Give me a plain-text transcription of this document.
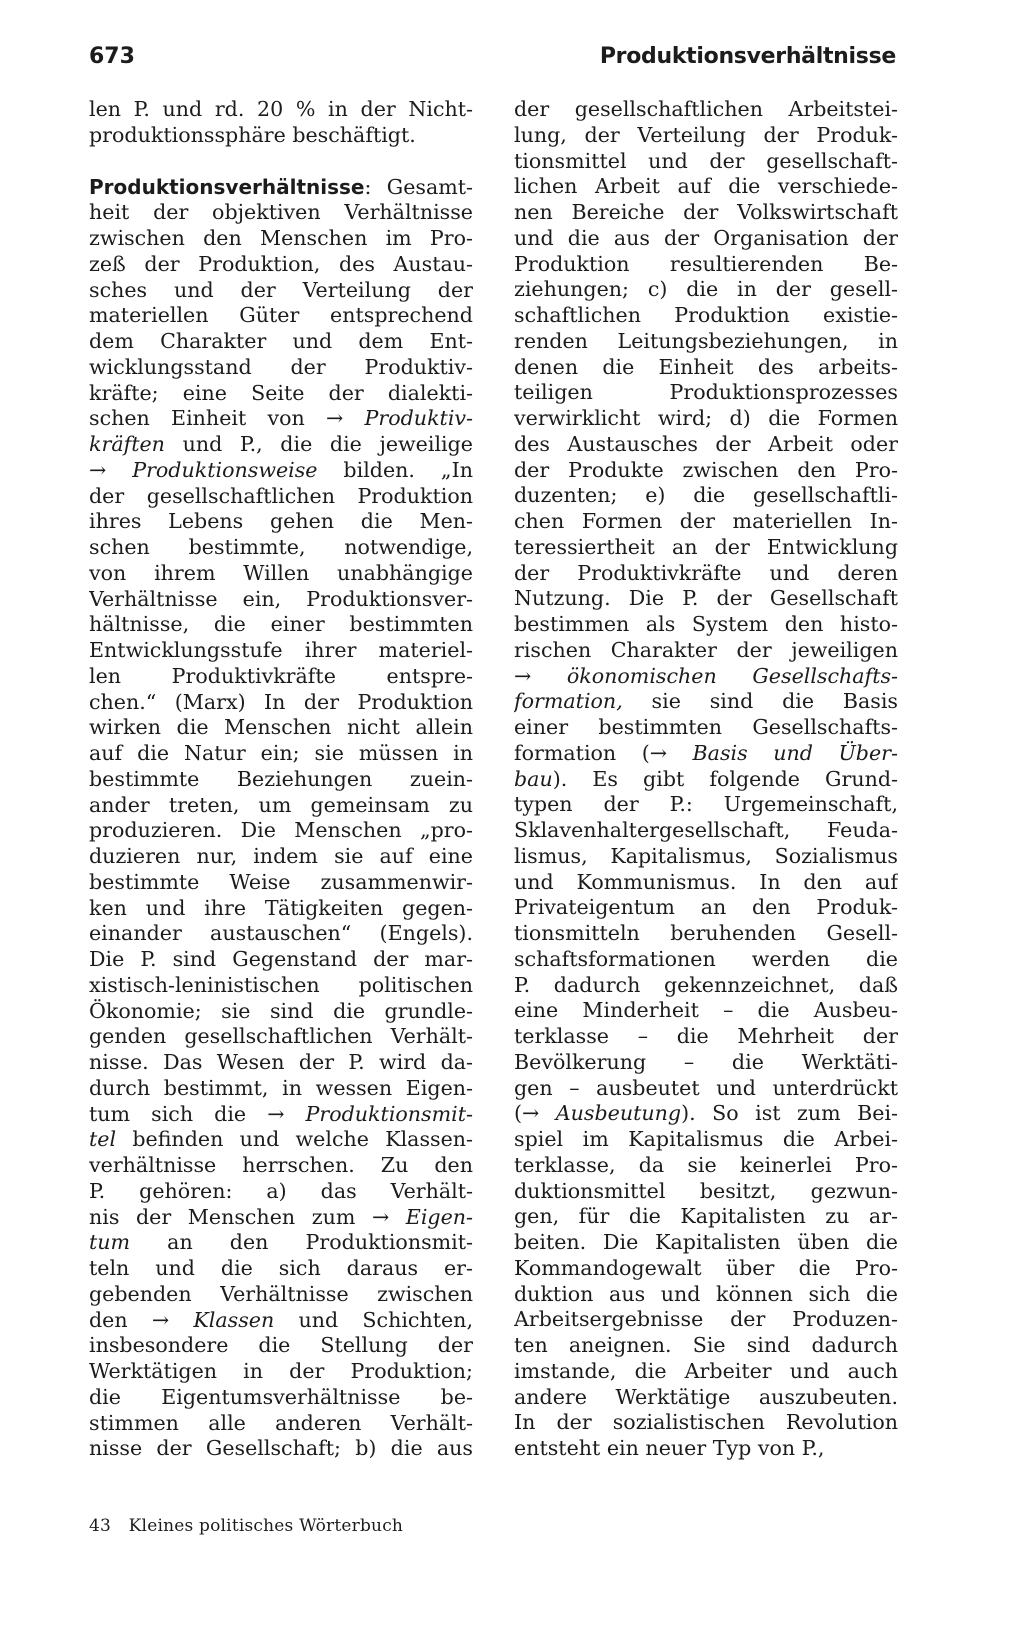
673	Produktionsverhältnisse
len P. und rd. 20 % in der Nicht-
produktionssphäre beschäftigt.
Produktionsverhältnisse: Gesamt-
heit der objektiven Verhältnisse
zwischen den Menschen im Pro-
zeß der Produktion, des Austau-
sches und der Verteilung der
materiellen Güter entsprechend
dem Charakter und dem Ent-
wicklungsstand der Produktiv-
kräfte; eine Seite der dialekti-
schen Einheit von → Produktiv-
kräften und P., die die jeweilige
→ Produktionsweise bilden. „In
der gesellschaftlichen Produktion
ihres Lebens gehen die Men-
schen bestimmte, notwendige,
von ihrem Willen unabhängige
Verhältnisse ein, Produktionsver-
hältnisse, die einer bestimmten
Entwicklungsstufe ihrer materiel-
len Produktivkräfte entspre-
chen.“ (Marx) In der Produktion
wirken die Menschen nicht allein
auf die Natur ein; sie müssen in
bestimmte Beziehungen zuein-
ander treten, um gemeinsam zu
produzieren. Die Menschen „pro-
duzieren nur, indem sie auf eine
bestimmte Weise zusammenwir-
ken und ihre Tätigkeiten gegen-
einander austauschen“ (Engels).
Die P. sind Gegenstand der mar-
xistisch-leninistischen politischen
Ökonomie; sie sind die grundle-
genden gesellschaftlichen Verhält-
nisse. Das Wesen der P. wird da-
durch bestimmt, in wessen Eigen-
tum sich die → Produktionsmit-
tel befinden und welche Klassen-
verhältnisse herrschen. Zu den
P. gehören: a) das Verhält-
nis der Menschen zum → Eigen-
tum an den Produktionsmit-
teln und die sich daraus er-
gebenden Verhältnisse zwischen
den → Klassen und Schichten,
insbesondere die Stellung der
Werktätigen in der Produktion;
die Eigentumsverhältnisse be-
stimmen alle anderen Verhält-
nisse der Gesellschaft; b) die aus
der gesellschaftlichen Arbeitstei-
lung, der Verteilung der Produk-
tionsmittel und der gesellschaft-
lichen Arbeit auf die verschiede-
nen Bereiche der Volkswirtschaft
und die aus der Organisation der
Produktion resultierenden Be-
ziehungen; c) die in der gesell-
schaftlichen Produktion existie-
renden Leitungsbeziehungen, in
denen die Einheit des arbeits-
teiligen Produktionsprozesses
verwirklicht wird; d) die Formen
des Austausches der Arbeit oder
der Produkte zwischen den Pro-
duzenten; e) die gesellschaftli-
chen Formen der materiellen In-
teressiertheit an der Entwicklung
der Produktivkräfte und deren
Nutzung. Die P. der Gesellschaft
bestimmen als System den histo-
rischen Charakter der jeweiligen
→ ökonomischen Gesellschafts-
formation, sie sind die Basis
einer bestimmten Gesellschafts-
formation (→ Basis und Über-
bau). Es gibt folgende Grund-
typen der P.: Urgemeinschaft,
Sklavenhaltergesellschaft, Feuda-
lismus, Kapitalismus, Sozialismus
und Kommunismus. In den auf
Privateigentum an den Produk-
tionsmitteln beruhenden Gesell-
schaftsformationen werden die
P. dadurch gekennzeichnet, daß
eine Minderheit – die Ausbeu-
terklasse – die Mehrheit der
Bevölkerung – die Werktäti-
gen – ausbeutet und unterdrückt
(→ Ausbeutung). So ist zum Bei-
spiel im Kapitalismus die Arbei-
terklasse, da sie keinerlei Pro-
duktionsmittel besitzt, gezwun-
gen, für die Kapitalisten zu ar-
beiten. Die Kapitalisten üben die
Kommandogewalt über die Pro-
duktion aus und können sich die
Arbeitsergebnisse der Produzen-
ten aneignen. Sie sind dadurch
imstande, die Arbeiter und auch
andere Werktätige auszubeuten.
In der sozialistischen Revolution
entsteht ein neuer Typ von P.,
43 Kleines politisches Wörterbuch
